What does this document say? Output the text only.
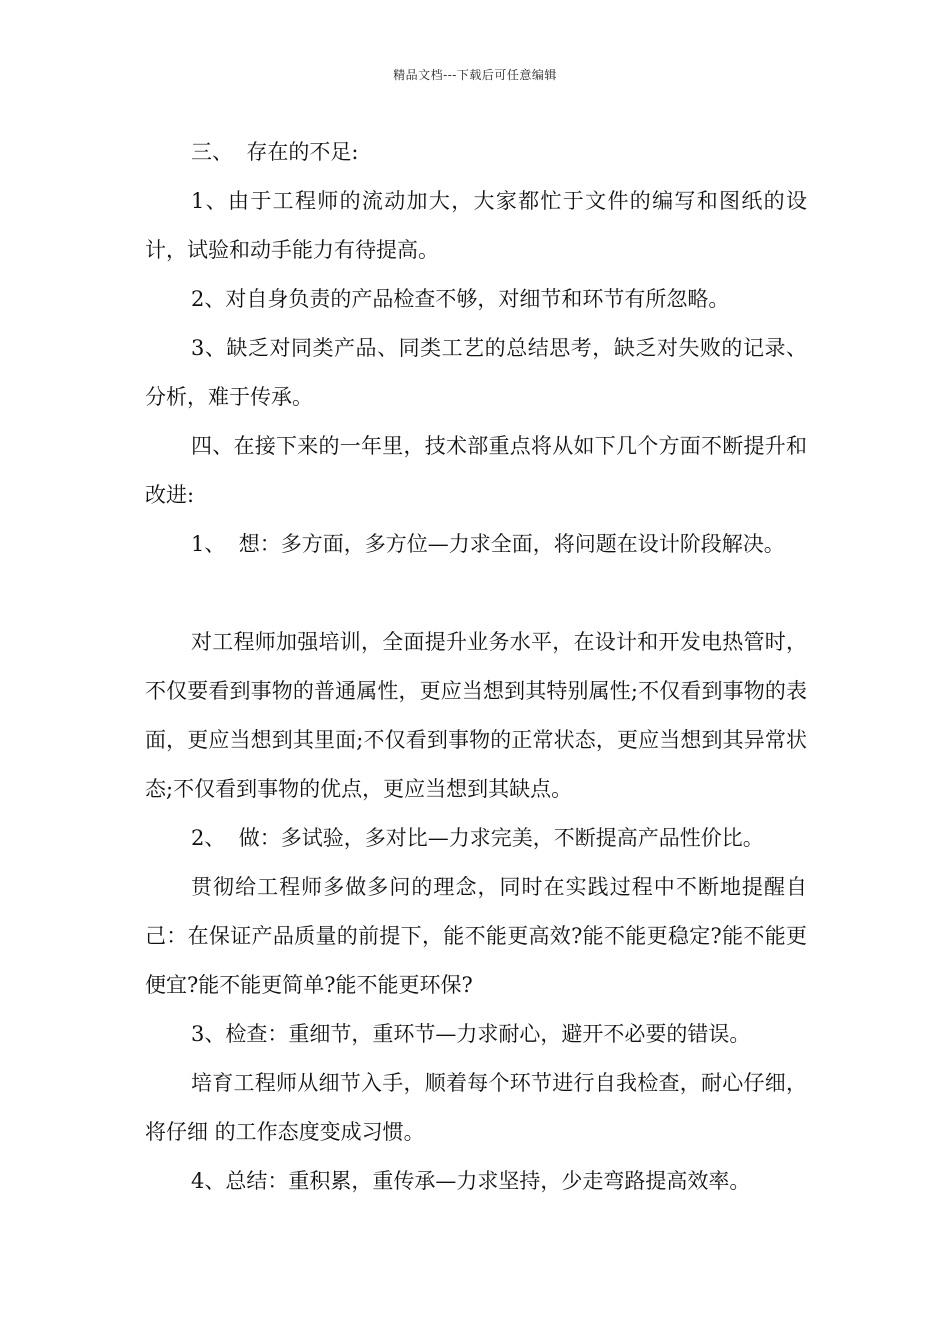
精品文档---下载后可任意编辑

三、  存在的不足:

1、由于工程师的流动加大，大家都忙于文件的编写和图纸的设计，试验和动手能力有待提高。

2、对自身负责的产品检查不够，对细节和环节有所忽略。

3、缺乏对同类产品、同类工艺的总结思考，缺乏对失败的记录、分析，难于传承。

四、在接下来的一年里，技术部重点将从如下几个方面不断提升和改进:

1、  想：多方面，多方位—力求全面，将问题在设计阶段解决。

对工程师加强培训，全面提升业务水平，在设计和开发电热管时，不仅要看到事物的普通属性，更应当想到其特别属性;不仅看到事物的表面，更应当想到其里面;不仅看到事物的正常状态，更应当想到其异常状态;不仅看到事物的优点，更应当想到其缺点。

2、  做：多试验，多对比—力求完美，不断提高产品性价比。

贯彻给工程师多做多问的理念，同时在实践过程中不断地提醒自己：在保证产品质量的前提下，能不能更高效?能不能更稳定?能不能更便宜?能不能更简单?能不能更环保?

3、检查：重细节，重环节—力求耐心，避开不必要的错误。

培育工程师从细节入手，顺着每个环节进行自我检查，耐心仔细，将仔细 的工作态度变成习惯。

4、总结：重积累，重传承—力求坚持，少走弯路提高效率。
